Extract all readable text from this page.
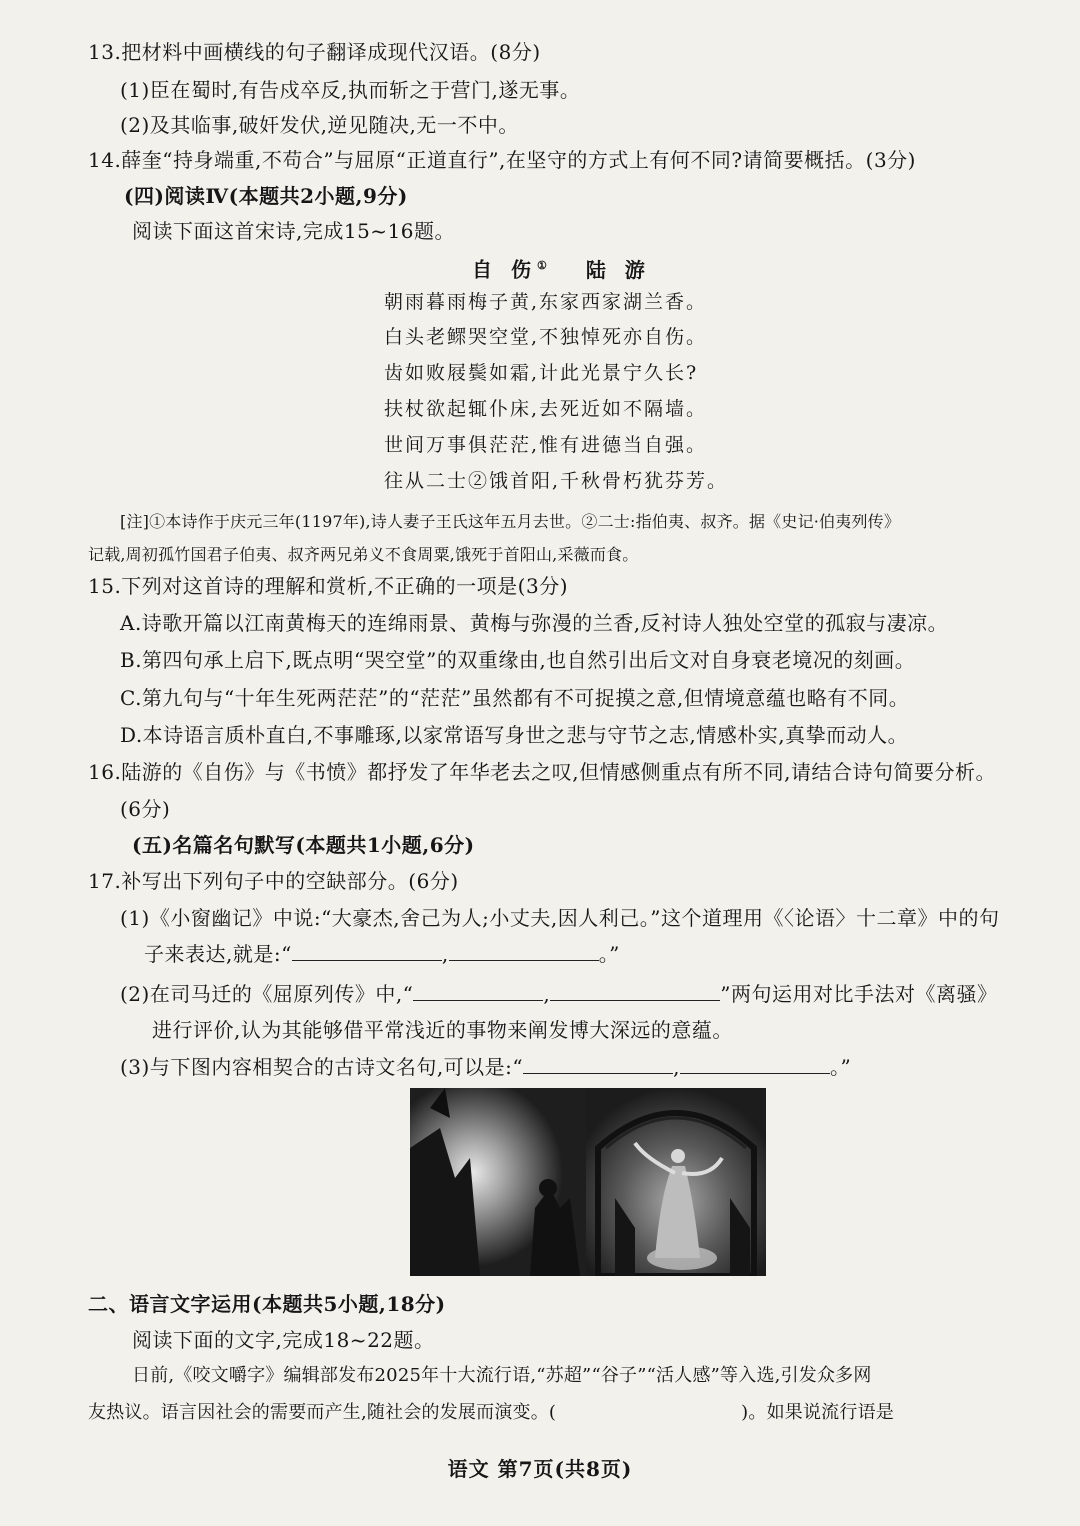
13.把材料中画横线的句子翻译成现代汉语。(8分)
(1)臣在蜀时,有告戍卒反,执而斩之于营门,遂无事。
(2)及其临事,破奸发伏,逆见随决,无一不中。
14.薛奎“持身端重,不苟合”与屈原“正道直行”,在坚守的方式上有何不同?请简要概括。(3分)
(四)阅读Ⅳ(本题共2小题,9分)
阅读下面这首宋诗,完成15~16题。
自 伤① 陆 游
朝雨暮雨梅子黄,东家西家湖兰香。
白头老鳏哭空堂,不独悼死亦自伤。
齿如败屐鬓如霜,计此光景宁久长?
扶杖欲起辄仆床,去死近如不隔墙。
世间万事俱茫茫,惟有进德当自强。
往从二士②饿首阳,千秋骨朽犹芬芳。
[注]①本诗作于庆元三年(1197年),诗人妻子王氏这年五月去世。②二士:指伯夷、叔齐。据《史记·伯夷列传》
记载,周初孤竹国君子伯夷、叔齐两兄弟义不食周粟,饿死于首阳山,采薇而食。
15.下列对这首诗的理解和赏析,不正确的一项是(3分)
A.诗歌开篇以江南黄梅天的连绵雨景、黄梅与弥漫的兰香,反衬诗人独处空堂的孤寂与凄凉。
B.第四句承上启下,既点明“哭空堂”的双重缘由,也自然引出后文对自身衰老境况的刻画。
C.第九句与“十年生死两茫茫”的“茫茫”虽然都有不可捉摸之意,但情境意蕴也略有不同。
D.本诗语言质朴直白,不事雕琢,以家常语写身世之悲与守节之志,情感朴实,真挚而动人。
16.陆游的《自伤》与《书愤》都抒发了年华老去之叹,但情感侧重点有所不同,请结合诗句简要分析。
(6分)
(五)名篇名句默写(本题共1小题,6分)
17.补写出下列句子中的空缺部分。(6分)
(1)《小窗幽记》中说:“大豪杰,舍己为人;小丈夫,因人利己。”这个道理用《〈论语〉十二章》中的句
子来表达,就是:“	,	。”
(2)在司马迁的《屈原列传》中,“	,	”两句运用对比手法对《离骚》
进行评价,认为其能够借平常浅近的事物来阐发博大深远的意蕴。
(3)与下图内容相契合的古诗文名句,可以是:“	,	。”
二、语言文字运用(本题共5小题,18分)
阅读下面的文字,完成18~22题。
日前,《咬文嚼字》编辑部发布2025年十大流行语,“苏超”“谷子”“活人感”等入选,引发众多网
友热议。语言因社会的需要而产生,随社会的发展而演变。(	)。如果说流行语是
语文 第7页(共8页)
